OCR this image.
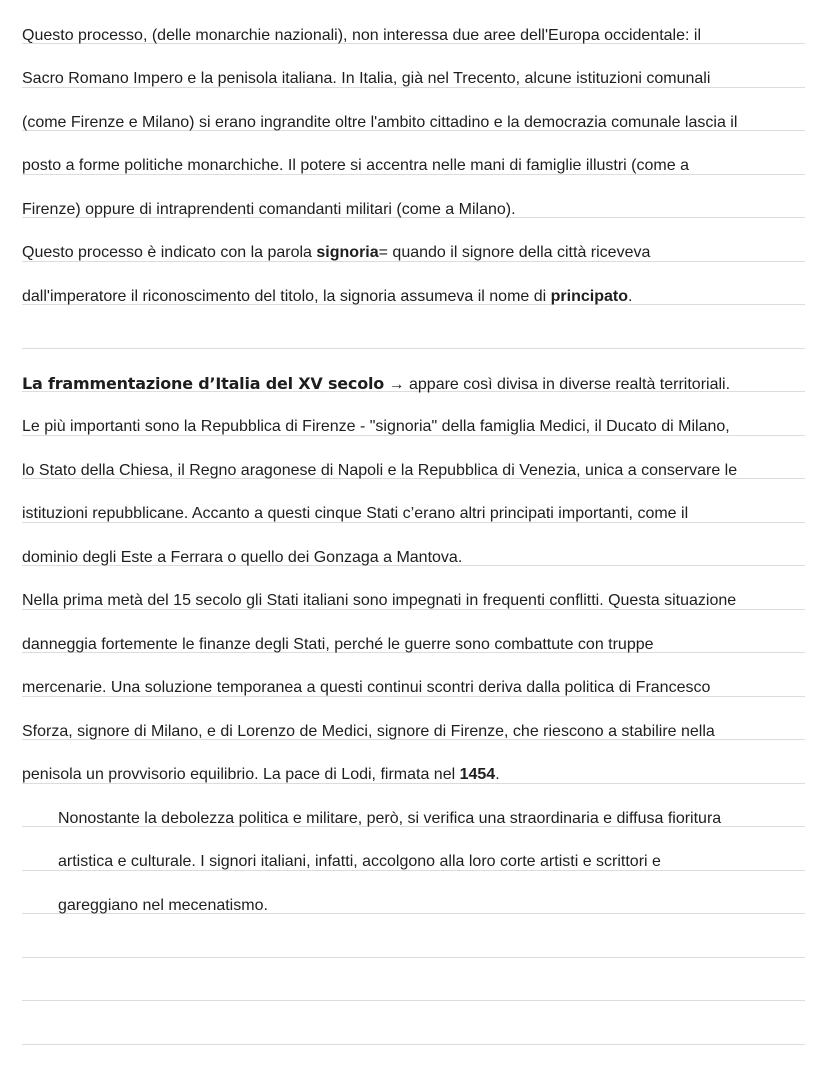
Questo processo, (delle monarchie nazionali), non interessa due aree dell'Europa occidentale: il
Sacro Romano Impero e la penisola italiana. In Italia, già nel Trecento, alcune istituzioni comunali
(come Firenze e Milano) si erano ingrandite oltre l'ambito cittadino e la democrazia comunale lascia il
posto a forme politiche monarchiche. Il potere si accentra nelle mani di famiglie illustri (come a
Firenze) oppure di intraprendenti comandanti militari (come a Milano).
Questo processo è indicato con la parola signoria= quando il signore della città riceveva
dall'imperatore il riconoscimento del titolo, la signoria assumeva il nome di principato.
La frammentazione d’Italia del XV secolo → appare così divisa in diverse realtà territoriali.
Le più importanti sono la Repubblica di Firenze - "signoria" della famiglia Medici, il Ducato di Milano,
lo Stato della Chiesa, il Regno aragonese di Napoli e la Repubblica di Venezia, unica a conservare le
istituzioni repubblicane. Accanto a questi cinque Stati c’erano altri principati importanti, come il
dominio degli Este a Ferrara o quello dei Gonzaga a Mantova.
Nella prima metà del 15 secolo gli Stati italiani sono impegnati in frequenti conflitti. Questa situazione
danneggia fortemente le finanze degli Stati, perché le guerre sono combattute con truppe
mercenarie. Una soluzione temporanea a questi continui scontri deriva dalla politica di Francesco
Sforza, signore di Milano, e di Lorenzo de Medici, signore di Firenze, che riescono a stabilire nella
penisola un provvisorio equilibrio. La pace di Lodi, firmata nel 1454.
Nonostante la debolezza politica e militare, però, si verifica una straordinaria e diffusa fioritura
artistica e culturale. I signori italiani, infatti, accolgono alla loro corte artisti e scrittori e
gareggiano nel mecenatismo.
